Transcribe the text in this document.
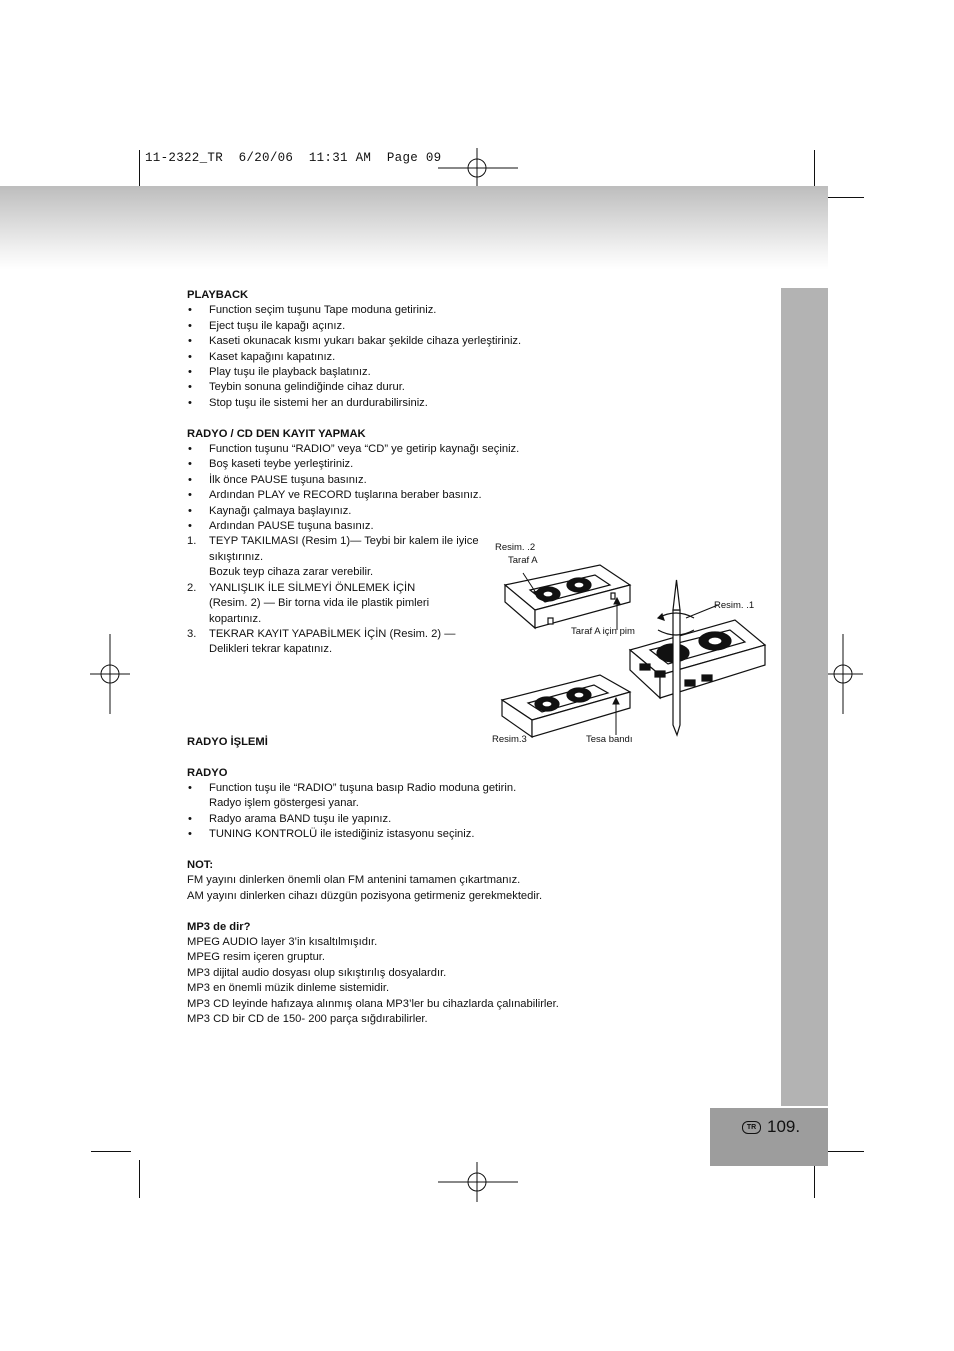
11-2322_TR  6/20/06  11:31 AM  Page 09
TR 109.
PLAYBACK
• Function seçim tuşunu Tape moduna getiriniz.
• Eject tuşu ile kapağı açınız.
• Kaseti okunacak kısmı yukarı bakar şekilde cihaza yerleştiriniz.
• Kaset kapağını kapatınız.
• Play tuşu ile playback başlatınız.
• Teybin sonuna gelindiğinde cihaz durur.
• Stop tuşu ile sistemi her an durdurabilirsiniz.
RADYO / CD DEN KAYIT YAPMAK
• Function tuşunu “RADIO” veya “CD” ye getirip kaynağı seçiniz.
• Boş kaseti teybe yerleştiriniz.
• İlk önce PAUSE tuşuna basınız.
• Ardından PLAY ve RECORD tuşlarına beraber basınız.
• Kaynağı çalmaya başlayınız.
• Ardından PAUSE tuşuna basınız.
1. TEYP TAKILMASI (Resim 1)— Teybi bir kalem ile iyice
sıkıştırınız.
Bozuk teyp cihaza zarar verebilir.
2. YANLIŞLIK İLE SİLMEYİ ÖNLEMEK İÇİN
(Resim. 2) — Bir torna vida ile plastik pimleri
kopartınız.
3. TEKRAR KAYIT YAPABİLMEK İÇİN (Resim. 2) —
Delikleri tekrar kapatınız.
RADYO İŞLEMİ
RADYO
• Function tuşu ile “RADIO” tuşuna basıp Radio moduna getirin.
Radyo işlem göstergesi yanar.
• Radyo arama BAND tuşu ile yapınız.
• TUNING KONTROLÜ ile istediğiniz istasyonu seçiniz.
NOT:

FM yayını dinlerken önemli olan FM antenini tamamen çıkartmanız.

AM yayını dinlerken cihazı düzgün pozisyona getirmeniz gerekmektedir.

MP3 de dir?

MPEG AUDIO layer 3’in kısaltılmışıdır.

MPEG resim içeren gruptur.

MP3 dijital audio dosyası olup sıkıştırılış dosyalardır.

MP3 en önemli müzik dinleme sistemidir.

MP3 CD leyinde hafızaya alınmış olana MP3’ler bu cihazlarda çalınabilirler.

MP3 CD bir CD de 150- 200 parça sığdırabilirler.

Resim. .2
Taraf A
Resim. .1
Taraf A için pim
Resim.3	Tesa bandı
